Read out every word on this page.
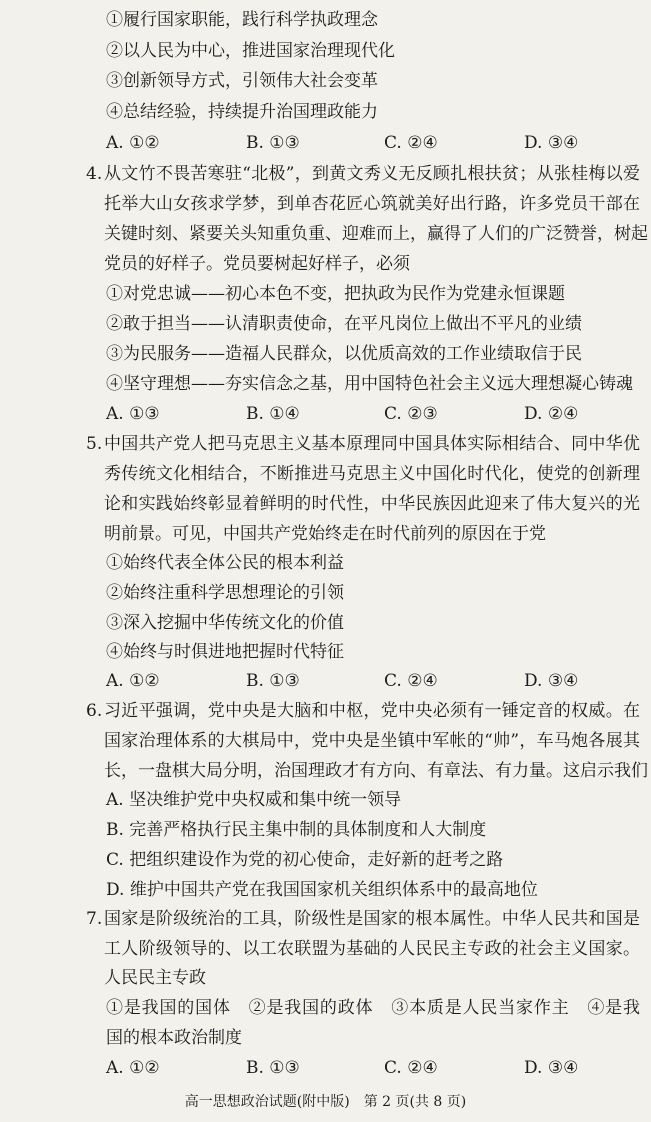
①履行国家职能，践行科学执政理念
②以人民为中心，推进国家治理现代化
③创新领导方式，引领伟大社会变革
④总结经验，持续提升治国理政能力
A. ①②	B. ①③	C. ②④	D. ③④
4. 从文竹不畏苦寒驻“北极”，到黄文秀义无反顾扎根扶贫；从张桂梅以爱
托举大山女孩求学梦，到单杏花匠心筑就美好出行路，许多党员干部在
关键时刻、紧要关头知重负重、迎难而上，赢得了人们的广泛赞誉，树起
党员的好样子。党员要树起好样子，必须
①对党忠诚——初心本色不变，把执政为民作为党建永恒课题
②敢于担当——认清职责使命，在平凡岗位上做出不平凡的业绩
③为民服务——造福人民群众，以优质高效的工作业绩取信于民
④坚守理想——夯实信念之基，用中国特色社会主义远大理想凝心铸魂
A. ①③	B. ①④	C. ②③	D. ②④
5. 中国共产党人把马克思主义基本原理同中国具体实际相结合、同中华优
秀传统文化相结合，不断推进马克思主义中国化时代化，使党的创新理
论和实践始终彰显着鲜明的时代性，中华民族因此迎来了伟大复兴的光
明前景。可见，中国共产党始终走在时代前列的原因在于党
①始终代表全体公民的根本利益
②始终注重科学思想理论的引领
③深入挖掘中华传统文化的价值
④始终与时俱进地把握时代特征
A. ①②	B. ①③	C. ②④	D. ③④
6. 习近平强调，党中央是大脑和中枢，党中央必须有一锤定音的权威。在
国家治理体系的大棋局中，党中央是坐镇中军帐的“帅”，车马炮各展其
长，一盘棋大局分明，治国理政才有方向、有章法、有力量。这启示我们
A. 坚决维护党中央权威和集中统一领导
B. 完善严格执行民主集中制的具体制度和人大制度
C. 把组织建设作为党的初心使命，走好新的赶考之路
D. 维护中国共产党在我国国家机关组织体系中的最高地位
7. 国家是阶级统治的工具，阶级性是国家的根本属性。中华人民共和国是
工人阶级领导的、以工农联盟为基础的人民民主专政的社会主义国家。
人民民主专政
①是我国的国体　②是我国的政体　③本质是人民当家作主　④是我
国的根本政治制度
A. ①②	B. ①③	C. ②④	D. ③④
高一思想政治试题(附中版)　第 2 页(共 8 页)
